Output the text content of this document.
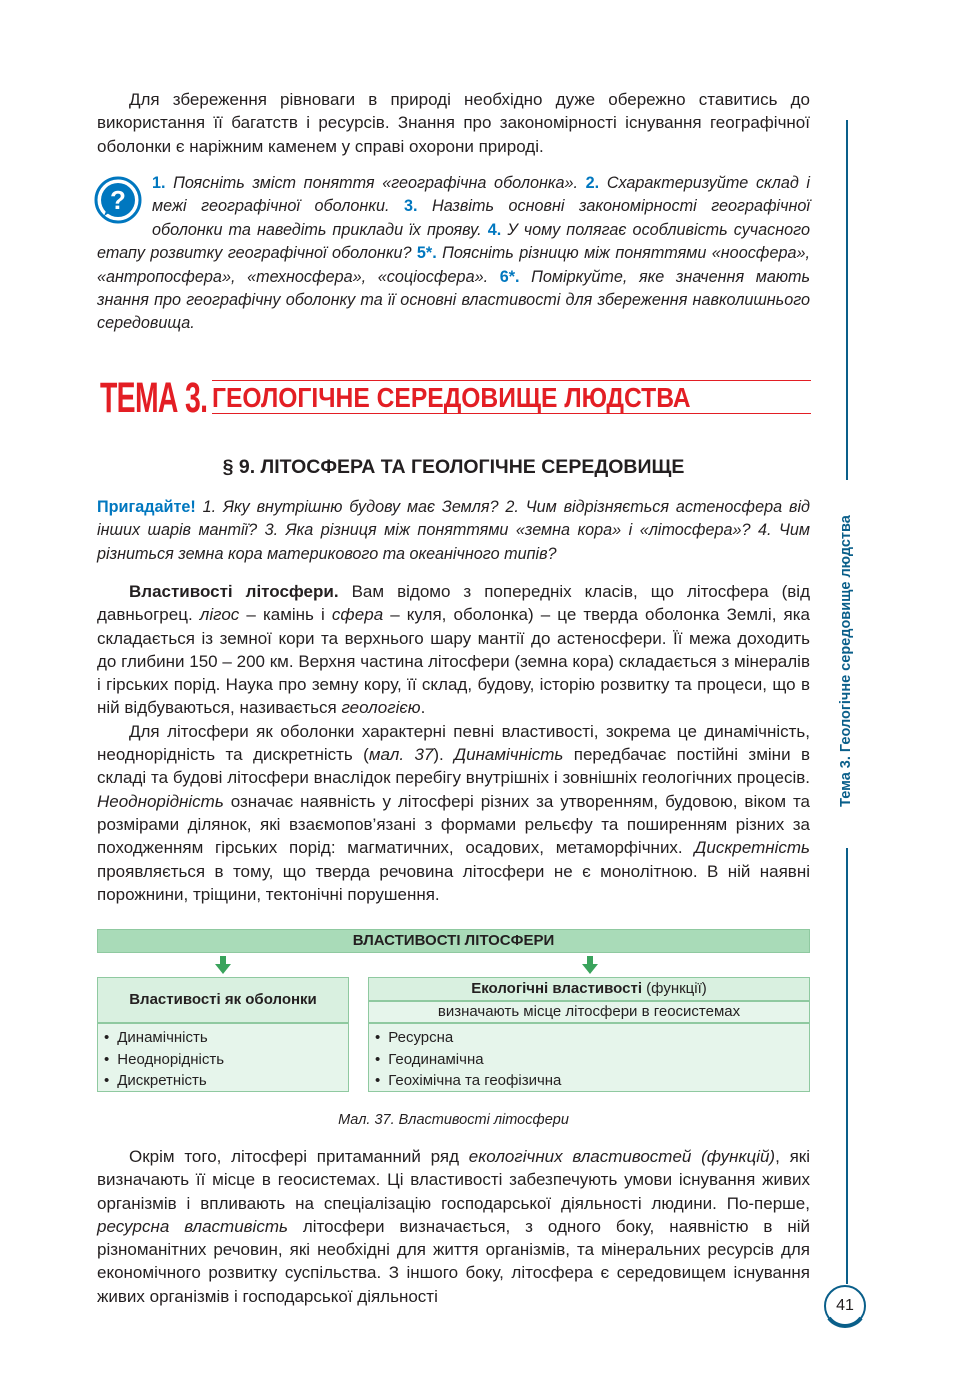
Для збереження рівноваги в природі необхідно дуже обережно ставитись до використання її багатств і ресурсів. Знання про закономірності існування географічної оболонки є наріжним каменем у справі охорони природі.

?

1. Поясніть зміст поняття «географічна оболонка». 2. Схарактеризуйте склад і межі географічної оболонки. 3. Назвіть основні закономірності географічної оболонки та наведіть приклади їх прояву. 4. У чому полягає особливість сучасного етапу розвитку географічної оболонки? 5*. Поясніть різницю між поняттями «ноосфера», «антропосфера», «техносфера», «соціосфера». 6*. Поміркуйте, яке значення мають знання про географічну оболонку та її основні властивості для збереження навколишнього середовища.

ТЕМА 3. ГЕОЛОГІЧНЕ СЕРЕДОВИЩЕ ЛЮДСТВА
§ 9. ЛІТОСФЕРА ТА ГЕОЛОГІЧНЕ СЕРЕДОВИЩЕ

Пригадайте! 1. Яку внутрішню будову має Земля? 2. Чим відрізняється астеносфера від інших шарів мантії? 3. Яка різниця між поняттями «земна кора» і «літосфера»? 4. Чим різниться земна кора материкового та океанічного типів?

Властивості літосфери. Вам відомо з попередніх класів, що літосфера (від давньогрец. лігос – камінь і сфера – куля, оболонка) – це тверда оболонка Землі, яка складається із земної кори та верхнього шару мантії до астеносфери. Її межа доходить до глибини 150 – 200 км. Верхня частина літосфери (земна кора) складається з мінералів і гірських порід. Наука про земну кору, її склад, будову, історію розвитку та процеси, що в ній відбуваються, називається геологією.

Для літосфери як оболонки характерні певні властивості, зокрема це динамічність, неоднорідність та дискретність (мал. 37). Динамічність передбачає постійні зміни в складі та будові літосфери внаслідок перебігу внутрішніх і зовнішніх геологічних процесів. Неоднорідність означає наявність у літосфері різних за утворенням, будовою, віком та розмірами ділянок, які взаємопов’язані з формами рельєфу та поширенням різних за походженням гірських порід: магматичних, осадових, метаморфічних. Дискретність проявляється в тому, що тверда речовина літосфери не є монолітною. В ній наявні порожнини, тріщини, тектонічні порушення.

ВЛАСТИВОСТІ ЛІТОСФЕРИ
Властивості як оболонки
• Динамічність
• Неоднорідність
• Дискретність
Екологічні властивості (функції)
визначають місце літосфери в геосистемах
• Ресурсна
• Геодинамічна
• Геохімічна та геофізична
Мал. 37. Властивості літосфери

Окрім того, літосфері притаманний ряд екологічних властивостей (функцій), які визначають її місце в геосистемах. Ці властивості забезпечують умови існування живих організмів і впливають на спеціалізацію господарської діяльності людини. По-перше, ресурсна властивість літосфери визначається, з одного боку, наявністю в ній різноманітних речовин, які необхідні для життя організмів, та мінеральних ресурсів для економічного розвитку суспільства. З іншого боку, літосфера є середовищем існування живих організмів і господарської діяльності

Тема 3. Геологічне середовище людства
41
